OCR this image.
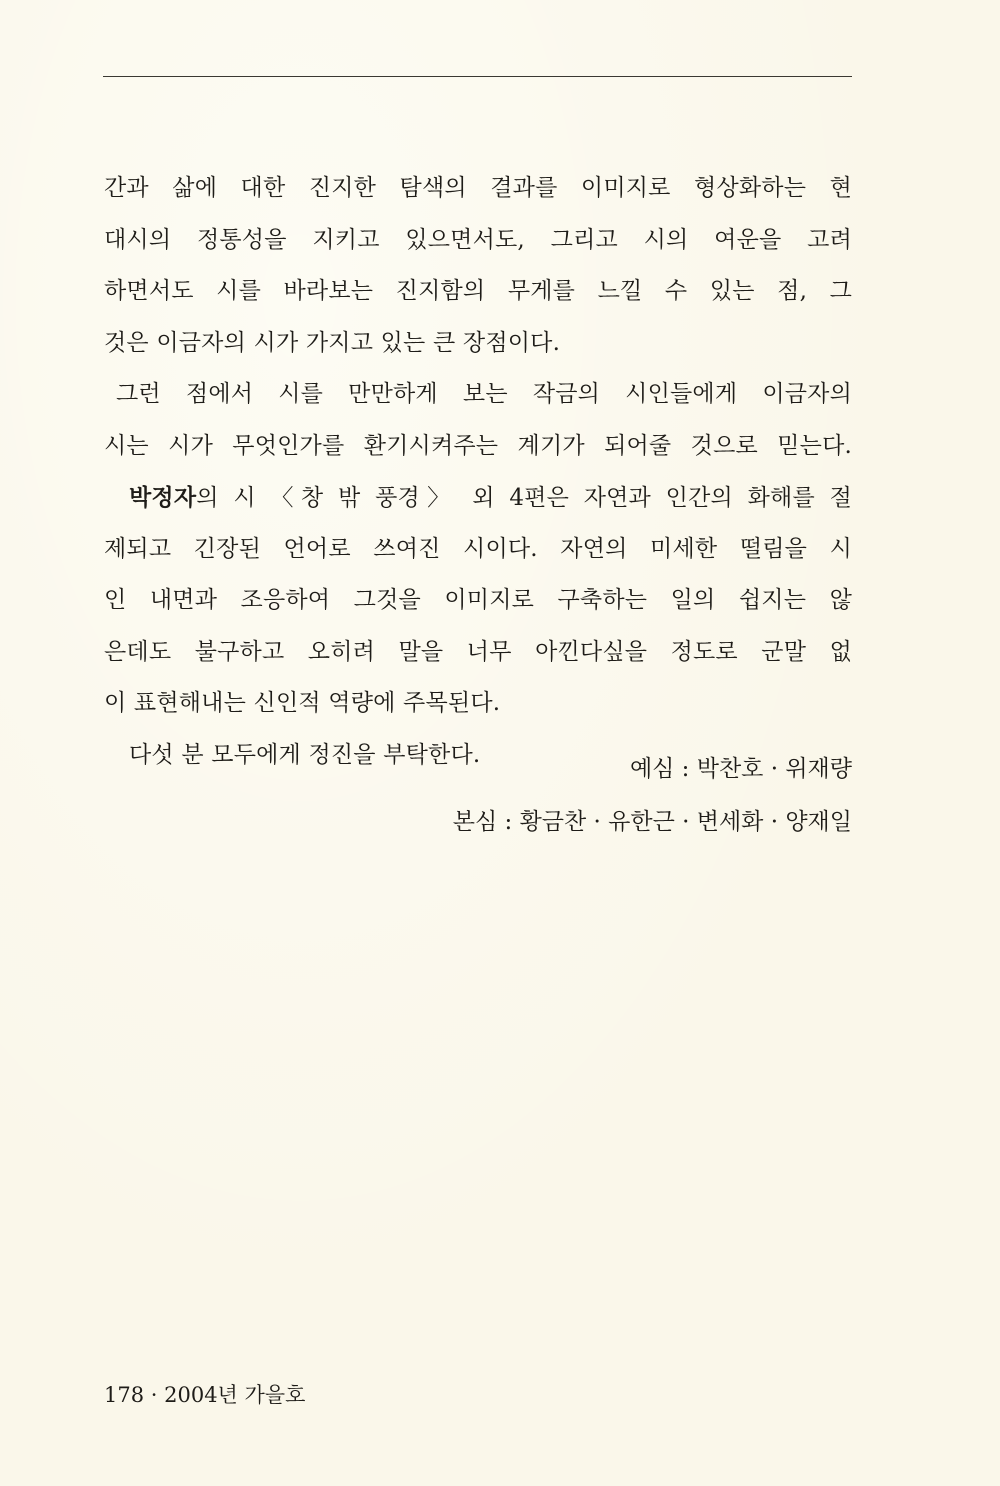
간과 삶에 대한 진지한 탐색의 결과를 이미지로 형상화하는 현
대시의 정통성을 지키고 있으면서도, 그리고 시의 여운을 고려
하면서도 시를 바라보는 진지함의 무게를 느낄 수 있는 점, 그
것은 이금자의 시가 가지고 있는 큰 장점이다.
그런 점에서 시를 만만하게 보는 작금의 시인들에게 이금자의
시는 시가 무엇인가를 환기시켜주는 계기가 되어줄 것으로 믿는다.
박정자의 시 〈창 밖 풍경〉 외 4편은 자연과 인간의 화해를 절
제되고 긴장된 언어로 쓰여진 시이다. 자연의 미세한 떨림을 시
인 내면과 조응하여 그것을 이미지로 구축하는 일의 쉽지는 않
은데도 불구하고 오히려 말을 너무 아낀다싶을 정도로 군말 없
이 표현해내는 신인적 역량에 주목된다.
다섯 분 모두에게 정진을 부탁한다.
예심 : 박찬호 · 위재량
본심 : 황금찬 · 유한근 · 변세화 · 양재일
178 · 2004년 가을호
